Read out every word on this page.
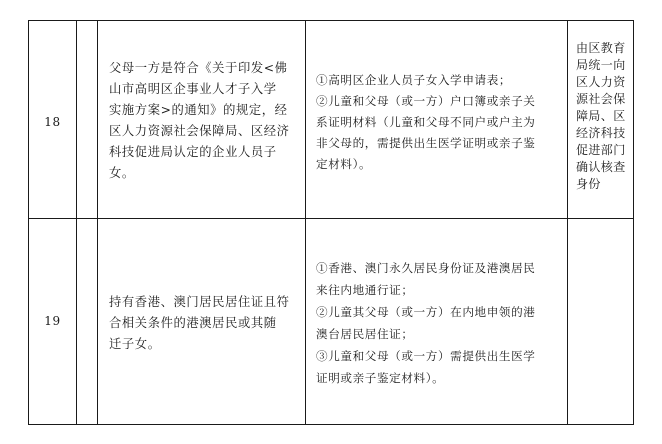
18
父母一方是符合《关于印发<佛
山市高明区企事业人才子入学
实施方案>的通知》的规定，经
区人力资源社会保障局、区经济
科技促进局认定的企业人员子
女。
①高明区企业人员子女入学申请表；
②儿童和父母（或一方）户口簿或亲子关
系证明材料（儿童和父母不同户或户主为
非父母的，需提供出生医学证明或亲子鉴
定材料）。
由区教育
局统一向
区人力资
源社会保
障局、区
经济科技
促进部门
确认核查
身份
19
持有香港、澳门居民居住证且符
合相关条件的港澳居民或其随
迁子女。
①香港、澳门永久居民身份证及港澳居民
来往内地通行证；
②儿童其父母（或一方）在内地申领的港
澳台居民居住证；
③儿童和父母（或一方）需提供出生医学
证明或亲子鉴定材料）。
